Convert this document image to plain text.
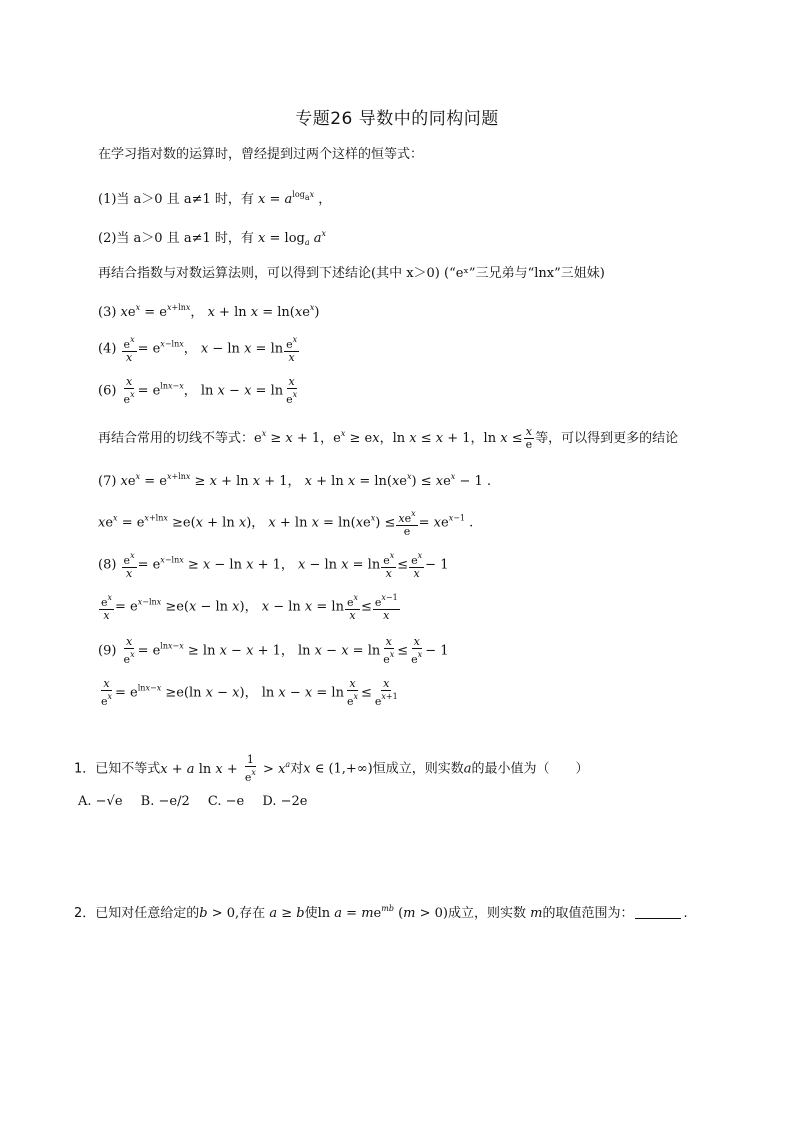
专题26 导数中的同构问题
在学习指对数的运算时，曾经提到过两个这样的恒等式：
(1)当 a＞0 且 a≠1 时，有 $x = a^{log_ax}$ ，
(2)当 a＞0 且 a≠1 时，有 $x = \log_a a^x$
再结合指数与对数运算法则，可以得到下述结论(其中 x＞0) (“eˣ”三兄弟与“lnx”三姐妹)
(3) $xe^x = e^{x+lnx}$， $x + \ln x = \ln(xe^x)$
$(4) \frac{e^x}{x} = e^{x-lnx}$， $x - \ln x = \ln \frac{e^x}{x}$
$(6) \frac{x}{e^x} = e^{lnx-x}$， $\ln x - x = \ln \frac{x}{e^x}$
再结合常用的切线不等式：$e^x \ge x + 1$，$e^x$ ≥ ex，ln x ≤ x + 1，$\ln x \le \frac{x}{e}$ 等，可以得到更多的结论
(7) $xe^x = e^{x+lnx} \ge x + \ln x + 1$， $x + \ln x = \ln(xe^x) \le xe^x - 1$ .
$xe^x = e^{x+lnx} \ge e(x + \ln x)$， $x + \ln x = \ln(xe^x) \le \frac{xe^x}{e} = xe^{x-1}$ .
$(8) \frac{e^x}{x} = e^{x-lnx} \ge x - \ln x + 1$， $x - \ln x = \ln \frac{e^x}{x} \le \frac{e^x}{x} - 1$
$\frac{e^x}{x} = e^{x-lnx} \ge e(x - \ln x)$， $x - \ln x = \ln \frac{e^x}{x} \le \frac{e^{x-1}}{x}$
$(9) \frac{x}{e^x} = e^{lnx-x} \ge \ln x - x + 1$， $\ln x - x = \ln \frac{x}{e^x} \le \frac{x}{e^x} - 1$
$\frac{x}{e^x} = e^{lnx-x} \ge e(\ln$ x − x)， $\ln x - x = \ln \frac{x}{e^x} \le \frac{x}{e^{x+1}}$
1．已知不等式x + a $\ln x + \frac{1}{e^x} > x^a$对x ∈ (1,+∞)恒成立，则实数a的最小值为（　　）
A. −√e B. −e/2 C. −e D. −2e
2．已知对任意给定的b > 0,存在 a ≥ b使$\ln a = me^{mb}$ (m > 0)成立，则实数 m的取值范围为：	.
